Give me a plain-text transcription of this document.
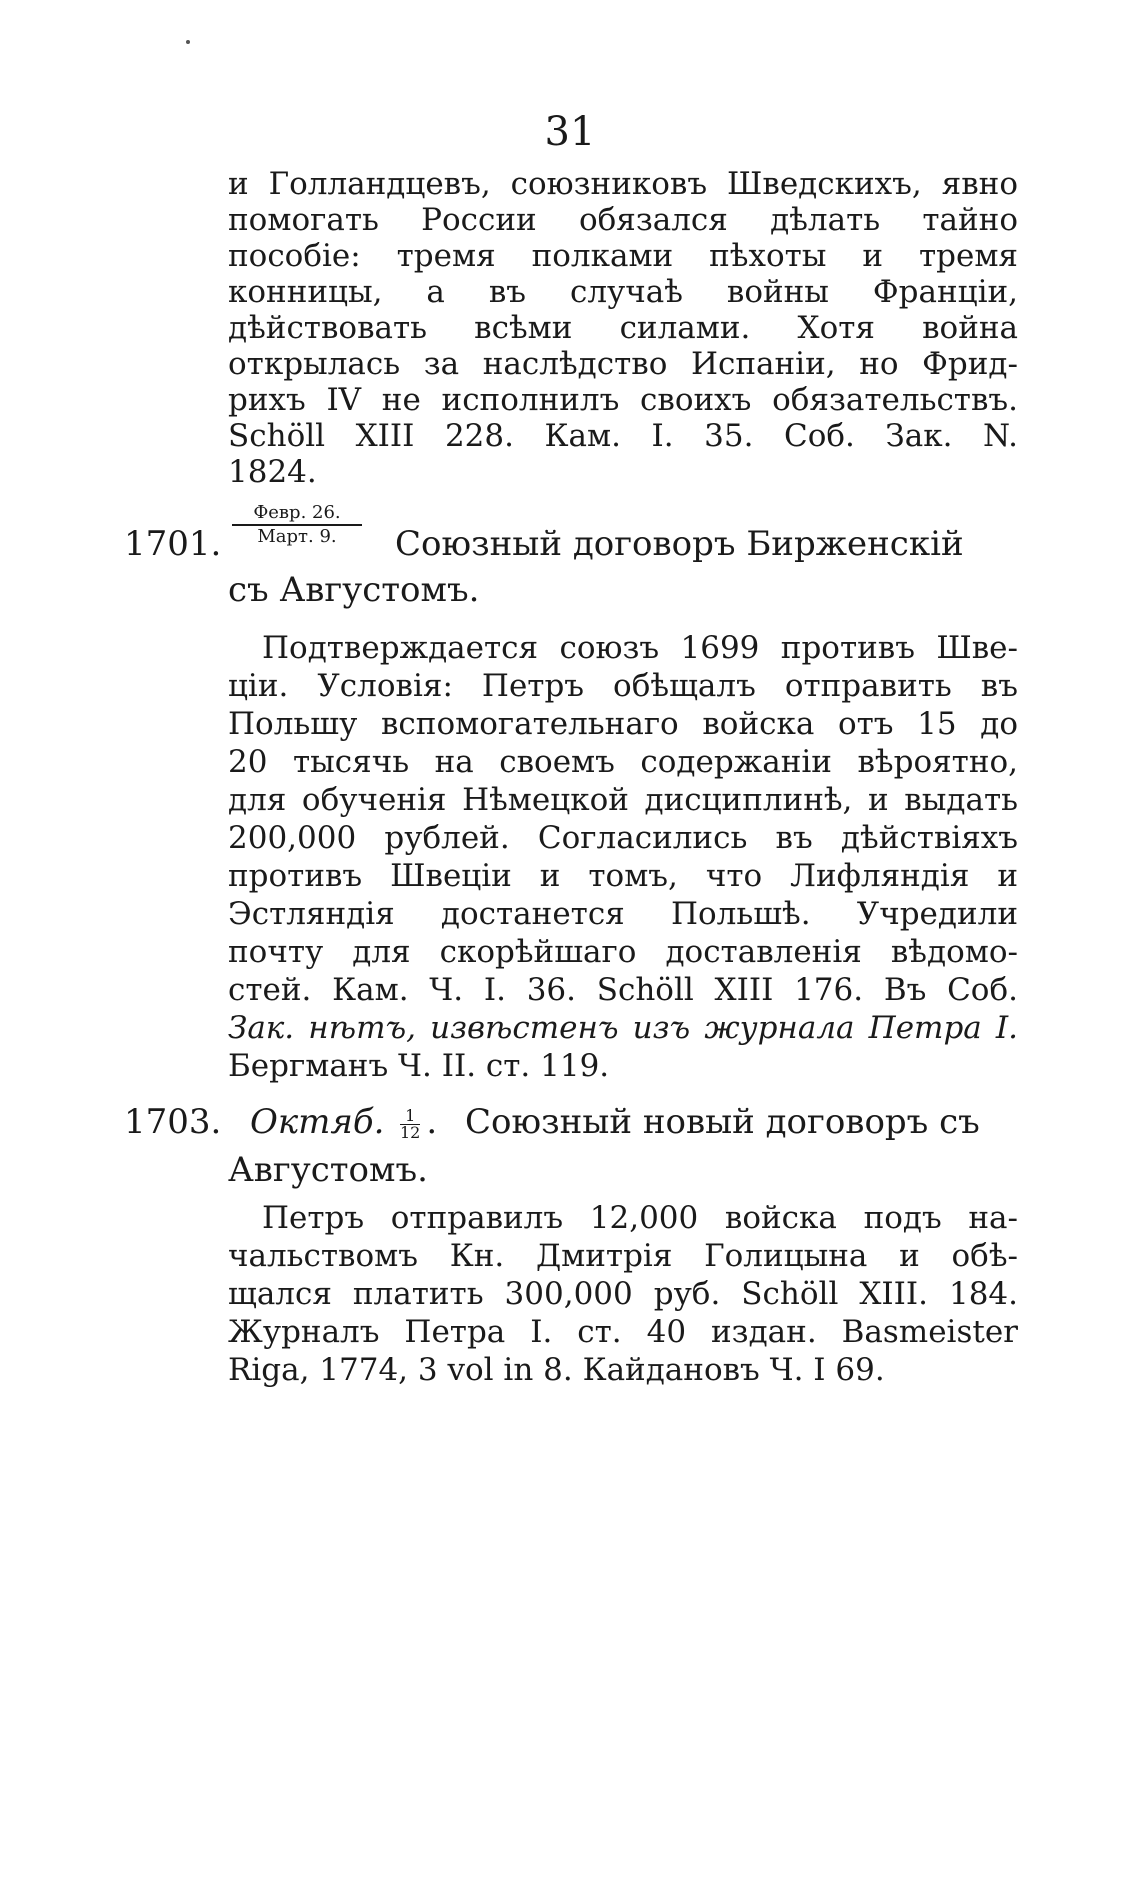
31
и Голландцевъ, союзниковъ Шведскихъ, явно
помогать России обязался дѣлать тайно
пособіе: тремя полками пѣхоты и тремя
конницы, а въ случаѣ войны Франціи,
дѣйствовать всѣми силами. Хотя война
открылась за наслѣдство Испаніи, но Фрид-
рихъ IV не исполнилъ своихъ обязательствъ.
Schöll XIII 228. Кам. I. 35. Соб. Зак. N.
1824.
1701.
Февр. 26.
Март. 9.	Союзный договоръ Бирженскій
съ Августомъ.
Подтверждается союзъ 1699 противъ Шве-
ціи. Условія: Петръ обѣщалъ отправить въ
Польшу вспомогательнаго войска отъ 15 до
20 тысячь на своемъ содержаніи вѣроятно,
для обученія Нѣмецкой дисциплинѣ, и выдать
200,000 рублей. Согласились въ дѣйствіяхъ
противъ Швеціи и томъ, что Лифляндія и
Эстляндія достанется Польшѣ. Учредили
почту для скорѣйшаго доставленія вѣдомо-
стей. Кам. Ч. I. 36. Schöll XIII 176. Въ Соб.
Зак. нѣтъ, извѣстенъ изъ журнала Петра I.
Бергманъ Ч. II. ст. 119.
1703. Октяб. $\frac{1}{12}$ . Союзный новый договоръ съ
Августомъ.
Петръ отправилъ 12,000 войска подъ на-
чальствомъ Кн. Дмитрія Голицына и обѣ-
щался платить 300,000 руб. Schöll XIII. 184.
Журналъ Петра I. ст. 40 издан. Basmeister
Riga, 1774, 3 vol in 8. Кайдановъ Ч. I 69.
